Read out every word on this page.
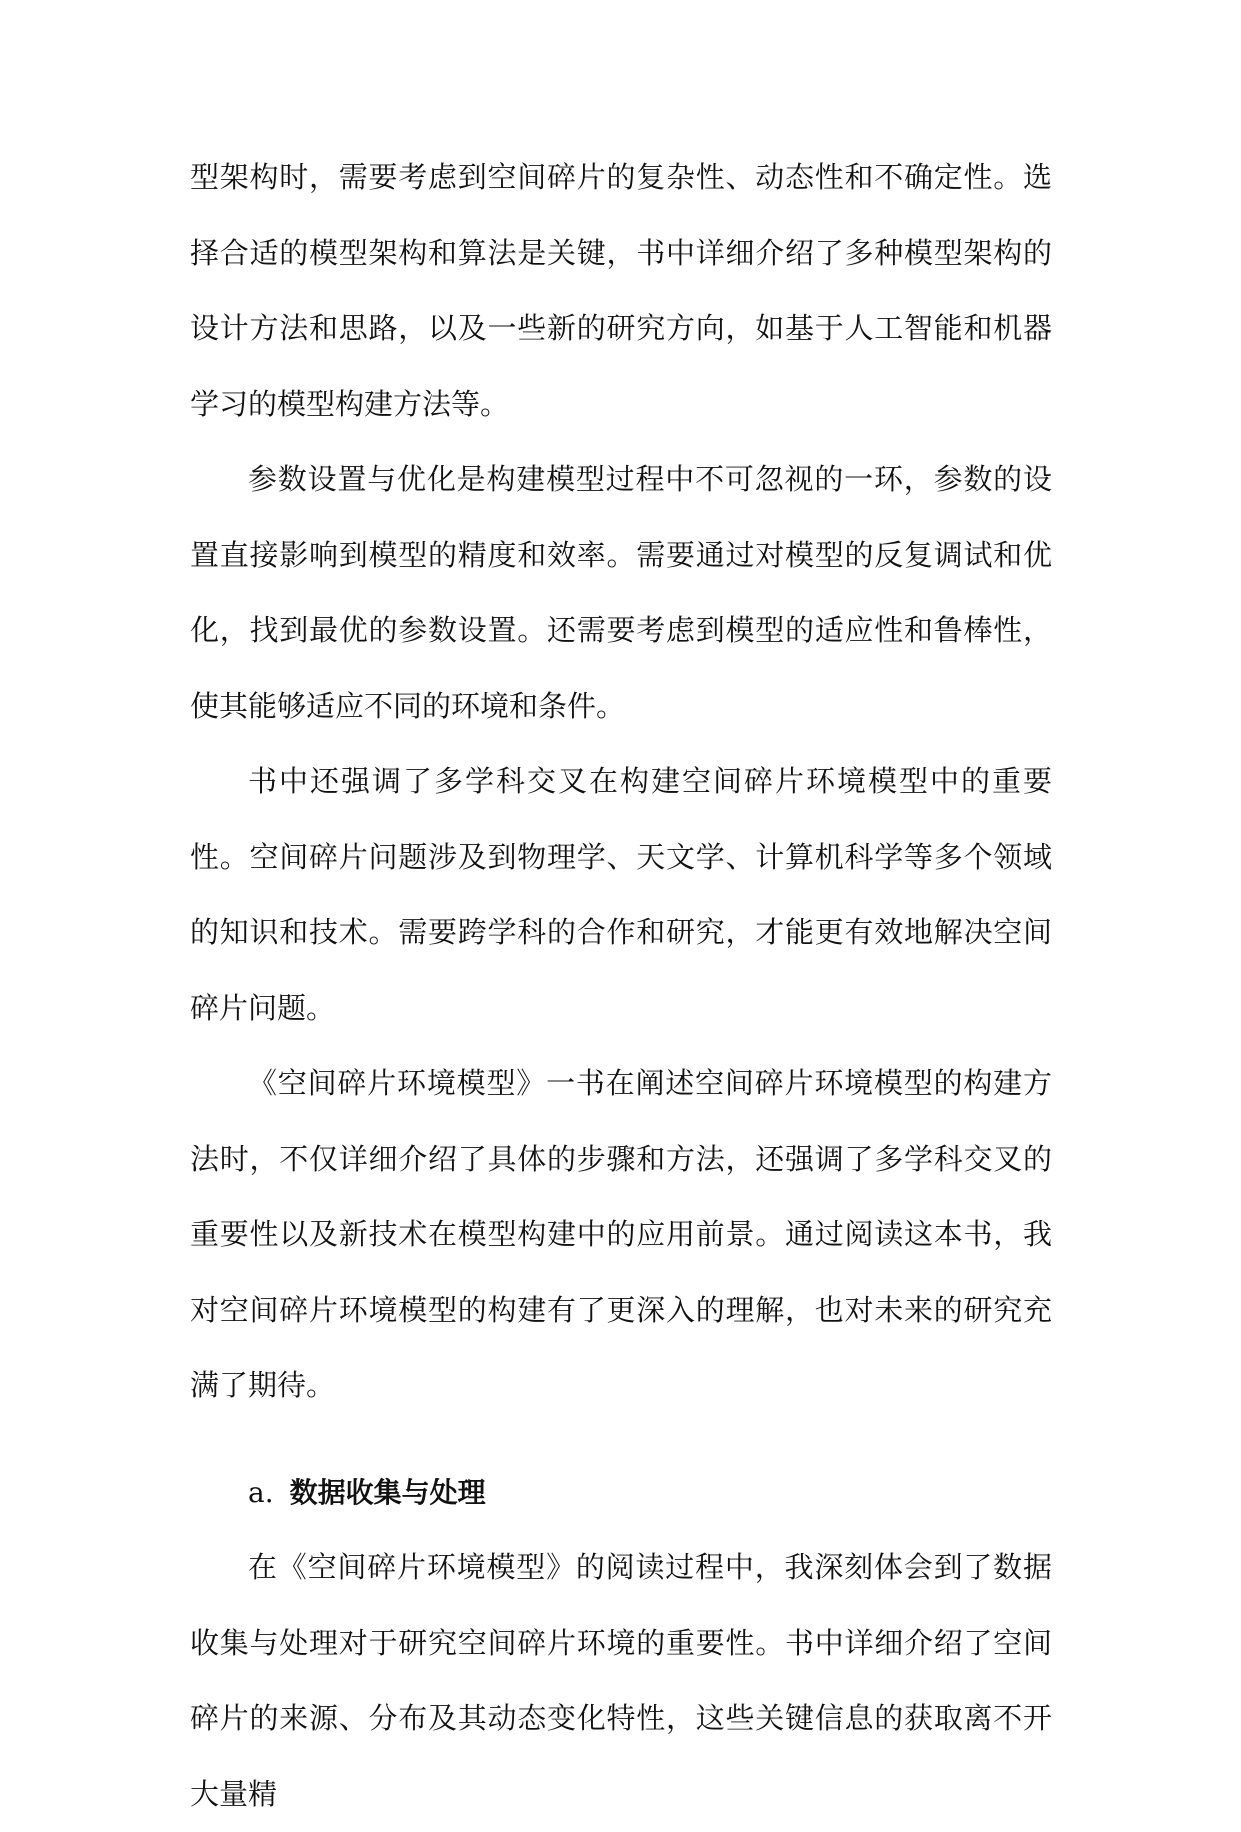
型架构时，需要考虑到空间碎片的复杂性、动态性和不确定性。选择合适的模型架构和算法是关键，书中详细介绍了多种模型架构的设计方法和思路，以及一些新的研究方向，如基于人工智能和机器学习的模型构建方法等。

参数设置与优化是构建模型过程中不可忽视的一环，参数的设置直接影响到模型的精度和效率。需要通过对模型的反复调试和优化，找到最优的参数设置。还需要考虑到模型的适应性和鲁棒性，使其能够适应不同的环境和条件。

书中还强调了多学科交叉在构建空间碎片环境模型中的重要性。空间碎片问题涉及到物理学、天文学、计算机科学等多个领域的知识和技术。需要跨学科的合作和研究，才能更有效地解决空间碎片问题。

《空间碎片环境模型》一书在阐述空间碎片环境模型的构建方法时，不仅详细介绍了具体的步骤和方法，还强调了多学科交叉的重要性以及新技术在模型构建中的应用前景。通过阅读这本书，我对空间碎片环境模型的构建有了更深入的理解，也对未来的研究充满了期待。

a. 数据收集与处理

在《空间碎片环境模型》的阅读过程中，我深刻体会到了数据收集与处理对于研究空间碎片环境的重要性。书中详细介绍了空间碎片的来源、分布及其动态变化特性，这些关键信息的获取离不开大量精
